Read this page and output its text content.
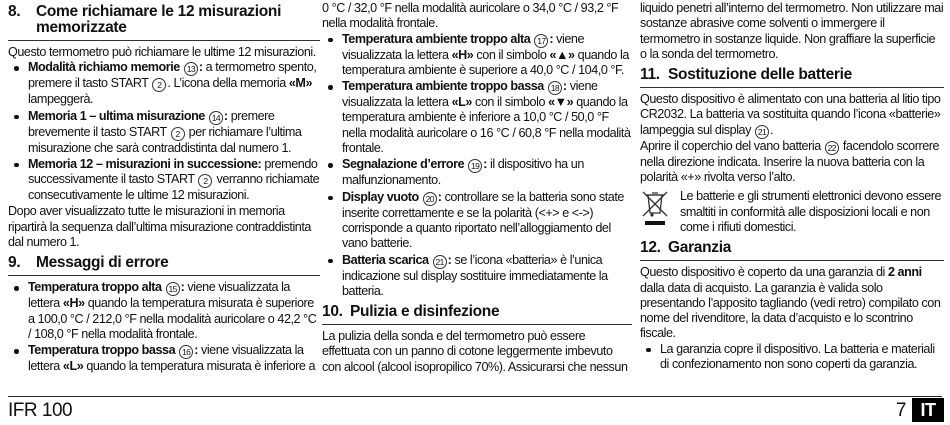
8.	Come richiamare le 12 misurazioni memorizzate
Questo termometro può richiamare le ultime 12 misurazioni.
Modalità richiamo memorie 13 : a termometro spento, premere il tasto START 2 . L’icona della memoria «M» lampeggerà.
Memoria 1 – ultima misurazione 14 : premere brevemente il tasto START 2 per richiamare l’ultima misurazione che sarà contraddistinta dal numero 1.
Memoria 12 – misurazioni in successione: premendo successivamente il tasto START 2 verranno richiamate consecutivamente le ultime 12 misurazioni.
Dopo aver visualizzato tutte le misurazioni in memoria ripartirà la sequenza dall’ultima misurazione contraddistinta dal numero 1.
9.	Messaggi di errore
Temperatura troppo alta 15 : viene visualizzata la lettera «H» quando la temperatura misurata è superiore a 100,0 °C / 212,0 °F nella modalità auricolare o 42,2 °C / 108,0 °F nella modalità frontale.
Temperatura troppo bassa 16 : viene visualizzata la lettera «L» quando la temperatura misurata è inferiore a
0 °C / 32,0 °F nella modalità auricolare o 34,0 °C / 93,2 °F nella modalità frontale.
Temperatura ambiente troppo alta 17 : viene visualizzata la lettera «H» con il simbolo «▲» quando la temperatura ambiente è superiore a 40,0 °C / 104,0 °F.
Temperatura ambiente troppo bassa 18 : viene visualizzata la lettera «L» con il simbolo «▼» quando la temperatura ambiente è inferiore a 10,0 °C / 50,0 °F nella modalità auricolare o 16 °C / 60,8 °F nella modalità frontale.
Segnalazione d’errore 19 : il dispositivo ha un malfunzionamento.
Display vuoto 20 : controllare se la batteria sono state inserite correttamente e se la polarità (<+> e <->) corrisponde a quanto riportato nell’alloggiamento del vano batterie.
Batteria scarica 21 : se l’icona «batteria» è l’unica indicazione sul display sostituire immediatamente la batteria.
10. Pulizia e disinfezione
La pulizia della sonda e del termometro può essere effettuata con un panno di cotone leggermente imbevuto con alcool (alcool isopropilico 70%). Assicurarsi che nessun
liquido penetri all’interno del termometro. Non utilizzare mai sostanze abrasive come solventi o immergere il termometro in sostanze liquide. Non graffiare la superficie o la sonda del termometro.
11. Sostituzione delle batterie
Questo dispositivo è alimentato con una batteria al litio tipo CR2032. La batteria va sostituita quando l’icona «batterie» lampeggia sul display 21 .
Aprire il coperchio del vano batteria 22 facendolo scorrere nella direzione indicata. Inserire la nuova batteria con la polarità «+» rivolta verso l’alto.
Le batterie e gli strumenti elettronici devono essere smaltiti in conformità alle disposizioni locali e non come i rifiuti domestici.
12. Garanzia
Questo dispositivo è coperto da una garanzia di 2 anni dalla data di acquisto. La garanzia è valida solo presentando l’apposito tagliando (vedi retro) compilato con nome del rivenditore, la data d’acquisto e lo scontrino fiscale.
La garanzia copre il dispositivo. La batteria e materiali di confezionamento non sono coperti da garanzia.
IFR 100	7 IT
